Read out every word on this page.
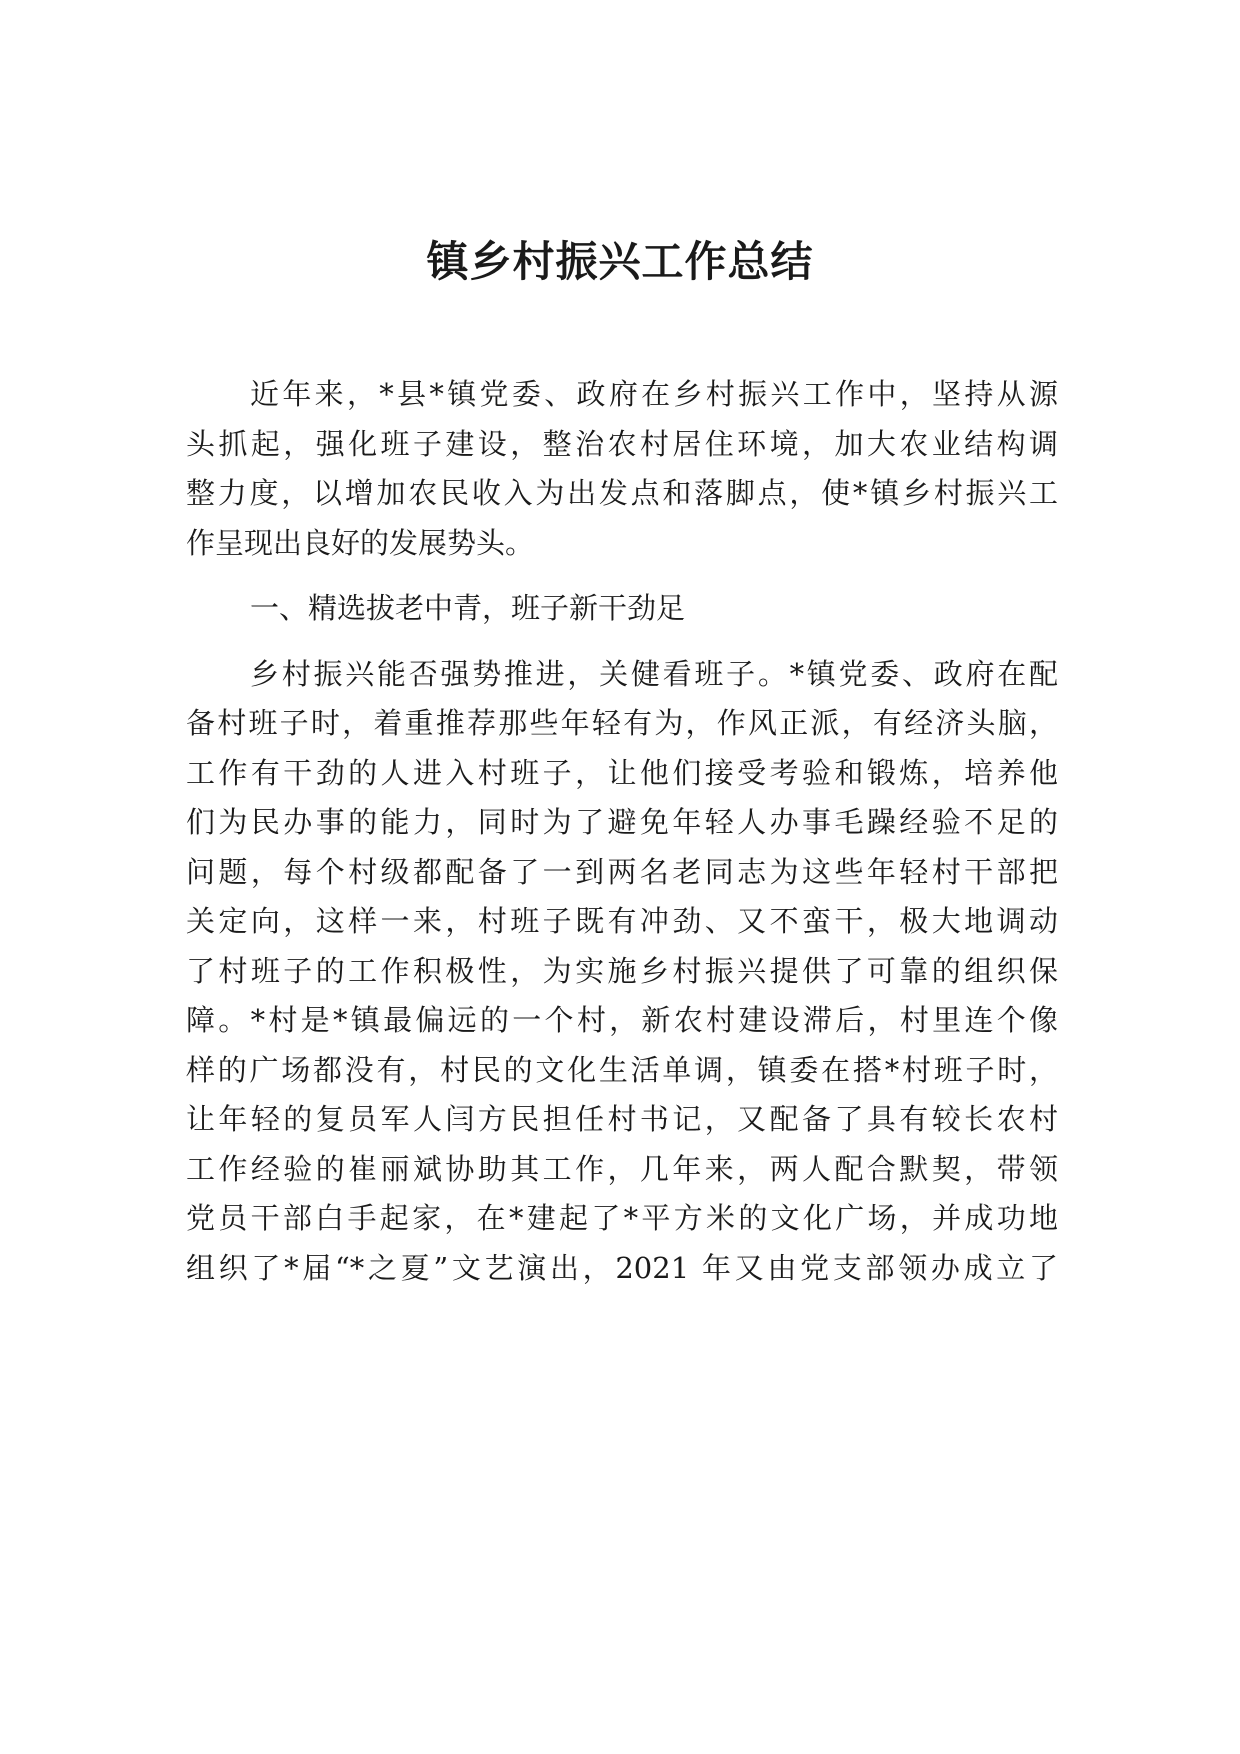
镇乡村振兴工作总结
近年来，*县*镇党委、政府在乡村振兴工作中，坚持从源
头抓起，强化班子建设，整治农村居住环境，加大农业结构调
整力度，以增加农民收入为出发点和落脚点，使*镇乡村振兴工
作呈现出良好的发展势头。
一、精选拔老中青，班子新干劲足
乡村振兴能否强势推进，关健看班子。*镇党委、政府在配
备村班子时，着重推荐那些年轻有为，作风正派，有经济头脑，
工作有干劲的人进入村班子，让他们接受考验和锻炼，培养他
们为民办事的能力，同时为了避免年轻人办事毛躁经验不足的
问题，每个村级都配备了一到两名老同志为这些年轻村干部把
关定向，这样一来，村班子既有冲劲、又不蛮干，极大地调动
了村班子的工作积极性，为实施乡村振兴提供了可靠的组织保
障。*村是*镇最偏远的一个村，新农村建设滞后，村里连个像
样的广场都没有，村民的文化生活单调，镇委在搭*村班子时，
让年轻的复员军人闫方民担任村书记，又配备了具有较长农村
工作经验的崔丽斌协助其工作，几年来，两人配合默契，带领
党员干部白手起家，在*建起了*平方米的文化广场，并成功地
组织了*届“*之夏”文艺演出，2021 年又由党支部领办成立了
